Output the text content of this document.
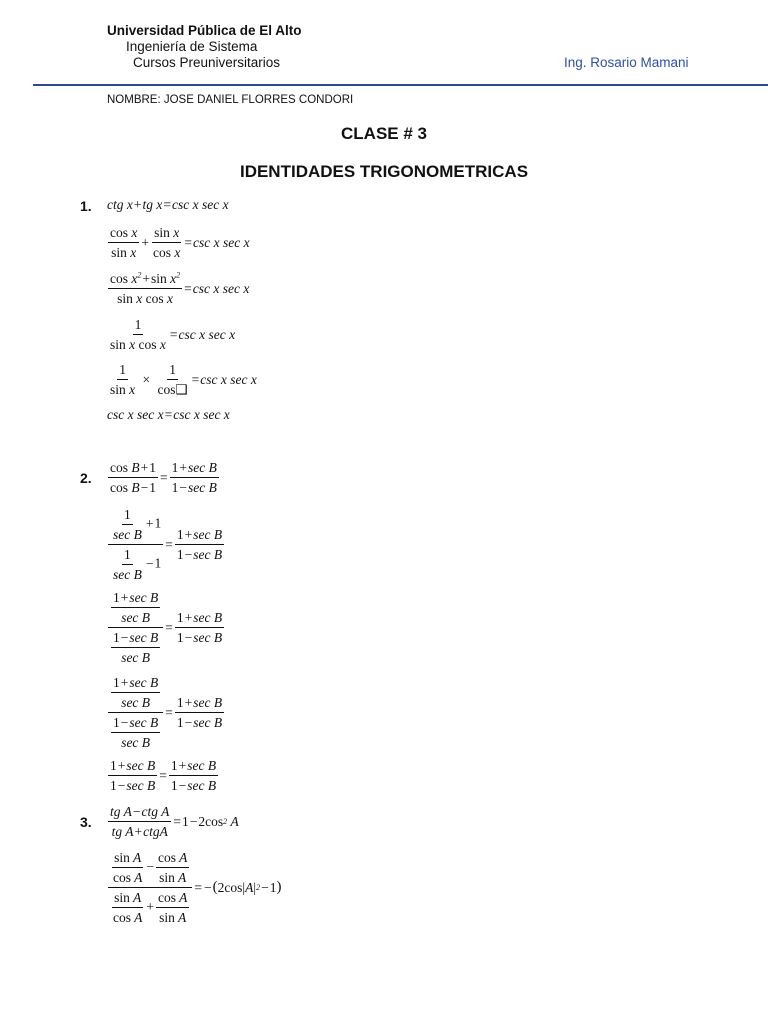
Universidad Pública de El Alto
Ingeniería de Sistema
Cursos Preuniversitarios	Ing. Rosario Mamani
NOMBRE: JOSE DANIEL FLORRES CONDORI
CLASE # 3
IDENTIDADES TRIGONOMETRICAS
1. ctg x + tg x = csc x sec x
$\frac{\text{cos x}}{\text{sin x}} + \frac{\text{sin x}}{\text{cos x}} = \csc x$ sec x
$\frac{\cos x^2+\sin x^2}{\text{sin x cos x}} = \csc x$ sec x
$\frac{1}{\text{sin x cos x}} = \csc x$ sec x
$\frac{1}{\text{sin x}} \times \frac{1}{\cos❑} = \csc x$ sec x
csc x sec x = csc x sec x
2. $\frac{\text{cos B+1}}{\text{cos B−1}} = \frac{\text{1+sec B}}{\text{1−sec B}}$
$\frac{\frac{1}{\text{sec B}} +1}{\frac{1}{\text{sec B}} -1} = \frac{\text{1+sec B}}{\text{1−sec B}}$
$\frac{\frac{\text{1+sec B}}{\text{sec B}}}{\frac{\text{1−sec B}}{\text{sec B}}} = \frac{\text{1+sec B}}{\text{1−sec B}}$
$\frac{\frac{\text{1+sec B}}{\text{sec B}}}{\frac{\text{1−sec B}}{\text{sec B}}} = \frac{\text{1+sec B}}{\text{1−sec B}}$
$\frac{\text{1+sec B}}{\text{1−sec B}} = \frac{\text{1+sec B}}{\text{1−sec B}}$
3. $\frac{\text{tg A−ctg A}}{\text{tg A+ctgA}} = 1 - 2\cos$ 2 A
$\frac{\frac{\text{sin A}}{\text{cos A}} - \frac{\text{cos A}}{\text{sin A}}}{\frac{\text{sin A}}{\text{cos A}} + \frac{\text{cos A}}{\text{sin A}}}$ = − ( 2cos | A | 2 − 1 )
